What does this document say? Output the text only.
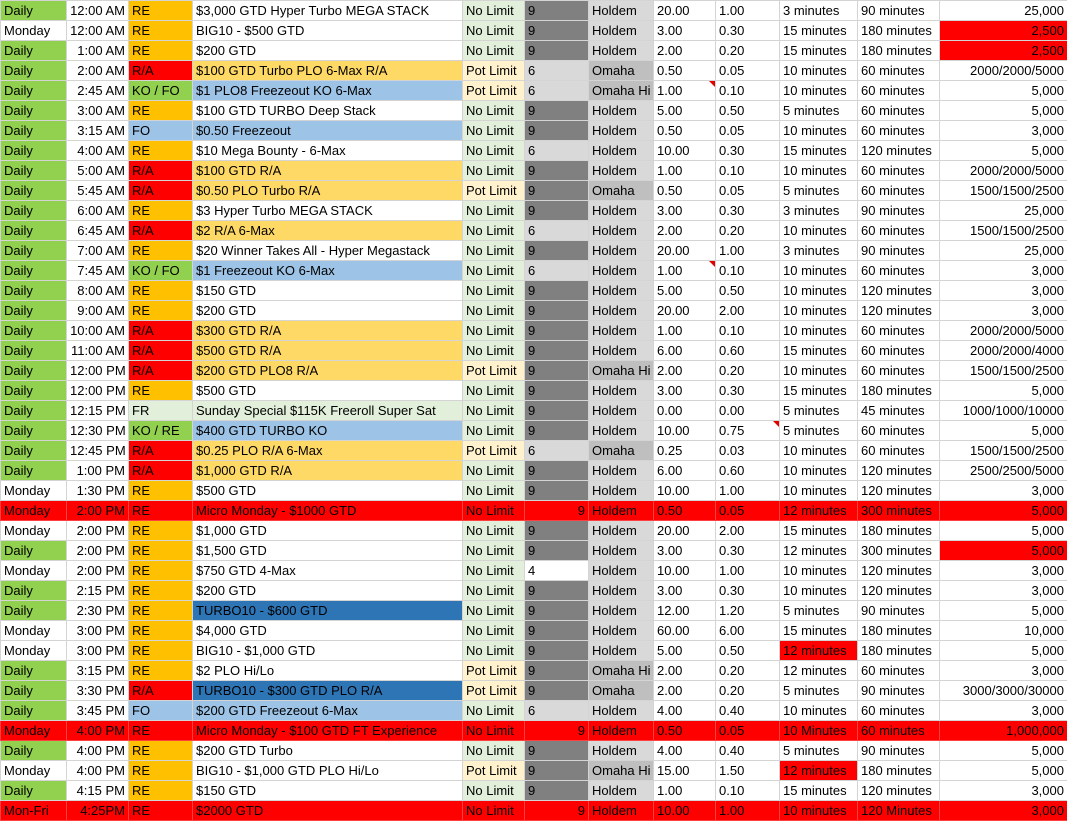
Daily	12:00 AM	RE	$3,000 GTD Hyper Turbo MEGA STACK	No Limit	9	Holdem	20.00	1.00	3 minutes	90 minutes	25,000
Monday	12:00 AM	RE	BIG10 - $500 GTD	No Limit	9	Holdem	3.00	0.30	15 minutes	180 minutes	2,500
Daily	1:00 AM	RE	$200 GTD	No Limit	9	Holdem	2.00	0.20	15 minutes	180 minutes	2,500
Daily	2:00 AM	R/A	$100 GTD Turbo PLO 6-Max R/A	Pot Limit	6	Omaha	0.50	0.05	10 minutes	60 minutes	2000/2000/5000
Daily	2:45 AM	KO / FO	$1 PLO8 Freezeout KO 6-Max	Pot Limit	6	Omaha Hi	1.00	0.10	10 minutes	60 minutes	5,000
Daily	3:00 AM	RE	$100 GTD TURBO Deep Stack	No Limit	9	Holdem	5.00	0.50	5 minutes	60 minutes	5,000
Daily	3:15 AM	FO	$0.50 Freezeout	No Limit	9	Holdem	0.50	0.05	10 minutes	60 minutes	3,000
Daily	4:00 AM	RE	$10 Mega Bounty - 6-Max	No Limit	6	Holdem	10.00	0.30	15 minutes	120 minutes	5,000
Daily	5:00 AM	R/A	$100 GTD R/A	No Limit	9	Holdem	1.00	0.10	10 minutes	60 minutes	2000/2000/5000
Daily	5:45 AM	R/A	$0.50 PLO Turbo R/A	Pot Limit	9	Omaha	0.50	0.05	5 minutes	60 minutes	1500/1500/2500
Daily	6:00 AM	RE	$3 Hyper Turbo MEGA STACK	No Limit	9	Holdem	3.00	0.30	3 minutes	90 minutes	25,000
Daily	6:45 AM	R/A	$2 R/A 6-Max	No Limit	6	Holdem	2.00	0.20	10 minutes	60 minutes	1500/1500/2500
Daily	7:00 AM	RE	$20 Winner Takes All - Hyper Megastack	No Limit	9	Holdem	20.00	1.00	3 minutes	90 minutes	25,000
Daily	7:45 AM	KO / FO	$1 Freezeout KO 6-Max	No Limit	6	Holdem	1.00	0.10	10 minutes	60 minutes	3,000
Daily	8:00 AM	RE	$150 GTD	No Limit	9	Holdem	5.00	0.50	10 minutes	120 minutes	3,000
Daily	9:00 AM	RE	$200 GTD	No Limit	9	Holdem	20.00	2.00	10 minutes	120 minutes	3,000
Daily	10:00 AM	R/A	$300 GTD R/A	No Limit	9	Holdem	1.00	0.10	10 minutes	60 minutes	2000/2000/5000
Daily	11:00 AM	R/A	$500 GTD R/A	No Limit	9	Holdem	6.00	0.60	15 minutes	60 minutes	2000/2000/4000
Daily	12:00 PM	R/A	$200 GTD PLO8 R/A	Pot Limit	9	Omaha Hi	2.00	0.20	10 minutes	60 minutes	1500/1500/2500
Daily	12:00 PM	RE	$500 GTD	No Limit	9	Holdem	3.00	0.30	15 minutes	180 minutes	5,000
Daily	12:15 PM	FR	Sunday Special $115K Freeroll Super Sat	No Limit	9	Holdem	0.00	0.00	5 minutes	45 minutes	1000/1000/10000
Daily	12:30 PM	KO / RE	$400 GTD TURBO KO	No Limit	9	Holdem	10.00	0.75	5 minutes	60 minutes	5,000
Daily	12:45 PM	R/A	$0.25 PLO R/A 6-Max	Pot Limit	6	Omaha	0.25	0.03	10 minutes	60 minutes	1500/1500/2500
Daily	1:00 PM	R/A	$1,000 GTD R/A	No Limit	9	Holdem	6.00	0.60	10 minutes	120 minutes	2500/2500/5000
Monday	1:30 PM	RE	$500 GTD	No Limit	9	Holdem	10.00	1.00	10 minutes	120 minutes	3,000
Monday	2:00 PM	RE	Micro Monday - $1000 GTD	No Limit	9	Holdem	0.50	0.05	12 minutes	300 minutes	5,000
Monday	2:00 PM	RE	$1,000 GTD	No Limit	9	Holdem	20.00	2.00	15 minutes	180 minutes	5,000
Daily	2:00 PM	RE	$1,500 GTD	No Limit	9	Holdem	3.00	0.30	12 minutes	300 minutes	5,000
Monday	2:00 PM	RE	$750 GTD 4-Max	No Limit	4	Holdem	10.00	1.00	10 minutes	120 minutes	3,000
Daily	2:15 PM	RE	$200 GTD	No Limit	9	Holdem	3.00	0.30	10 minutes	120 minutes	3,000
Daily	2:30 PM	RE	TURBO10 - $600 GTD	No Limit	9	Holdem	12.00	1.20	5 minutes	90 minutes	5,000
Monday	3:00 PM	RE	$4,000 GTD	No Limit	9	Holdem	60.00	6.00	15 minutes	180 minutes	10,000
Monday	3:00 PM	RE	BIG10 - $1,000 GTD	No Limit	9	Holdem	5.00	0.50	12 minutes	180 minutes	5,000
Daily	3:15 PM	RE	$2 PLO Hi/Lo	Pot Limit	9	Omaha Hi	2.00	0.20	12 minutes	60 minutes	3,000
Daily	3:30 PM	R/A	TURBO10 - $300 GTD PLO R/A	Pot Limit	9	Omaha	2.00	0.20	5 minutes	90 minutes	3000/3000/30000
Daily	3:45 PM	FO	$200 GTD Freezeout 6-Max	No Limit	6	Holdem	4.00	0.40	10 minutes	60 minutes	3,000
Monday	4:00 PM	RE	Micro Monday - $100 GTD FT Experience	No Limit	9	Holdem	0.50	0.05	10 Minutes	60 minutes	1,000,000
Daily	4:00 PM	RE	$200 GTD Turbo	No Limit	9	Holdem	4.00	0.40	5 minutes	90 minutes	5,000
Monday	4:00 PM	RE	BIG10 - $1,000 GTD PLO Hi/Lo	Pot Limit	9	Omaha Hi	15.00	1.50	12 minutes	180 minutes	5,000
Daily	4:15 PM	RE	$150 GTD	No Limit	9	Holdem	1.00	0.10	15 minutes	120 minutes	3,000
Mon-Fri	4:25PM	RE	$2000 GTD	No Limit	9	Holdem	10.00	1.00	10 minutes	120 Minutes	3,000
